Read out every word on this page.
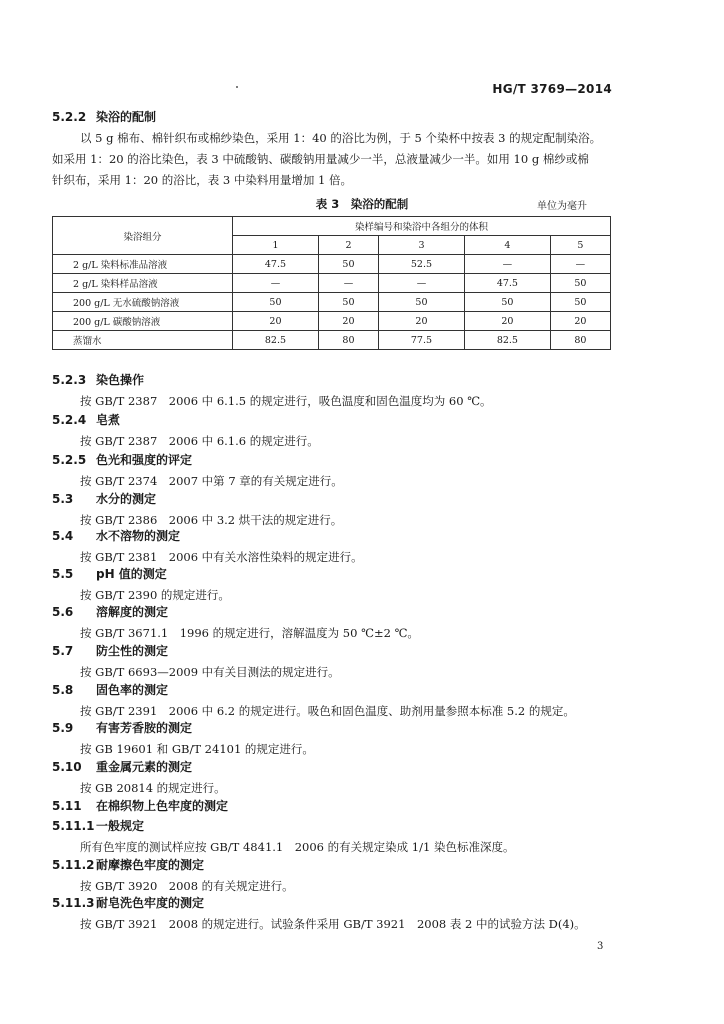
HG/T 3769—2014
5.2.2 染浴的配制
以 5 g 棉布、棉针织布或棉纱染色，采用 1：40 的浴比为例，于 5 个染杯中按表 3 的规定配制染浴。
如采用 1：20 的浴比染色，表 3 中硫酸钠、碳酸钠用量减少一半，总液量减少一半。如用 10 g 棉纱或棉
针织布，采用 1：20 的浴比，表 3 中染料用量增加 1 倍。
表 3　染浴的配制	单位为毫升
染浴组分	染样编号和染浴中各组分的体积				
	1	2	3	4	5
2 g/L 染料标准品溶液	47.5	50	52.5	—	—
2 g/L 染料样品溶液	—	—	—	47.5	50
200 g/L 无水硫酸钠溶液	50	50	50	50	50
200 g/L 碳酸钠溶液	20	20	20	20	20
蒸馏水	82.5	80	77.5	82.5	80
5.2.3 染色操作
按 GB/T 2387　2006 中 6.1.5 的规定进行，吸色温度和固色温度均为 60 ℃。
5.2.4 皂煮
按 GB/T 2387　2006 中 6.1.6 的规定进行。
5.2.5 色光和强度的评定
按 GB/T 2374　2007 中第 7 章的有关规定进行。
5.3 水分的测定
按 GB/T 2386　2006 中 3.2 烘干法的规定进行。
5.4 水不溶物的测定
按 GB/T 2381　2006 中有关水溶性染料的规定进行。
5.5 pH 值的测定
按 GB/T 2390 的规定进行。
5.6 溶解度的测定
按 GB/T 3671.1　1996 的规定进行，溶解温度为 50 ℃±2 ℃。
5.7 防尘性的测定
按 GB/T 6693—2009 中有关目测法的规定进行。
5.8 固色率的测定
按 GB/T 2391　2006 中 6.2 的规定进行。吸色和固色温度、助剂用量参照本标准 5.2 的规定。
5.9 有害芳香胺的测定
按 GB 19601 和 GB/T 24101 的规定进行。
5.10 重金属元素的测定
按 GB 20814 的规定进行。
5.11 在棉织物上色牢度的测定
5.11.1一般规定
所有色牢度的测试样应按 GB/T 4841.1　2006 的有关规定染成 1/1 染色标准深度。
5.11.2耐摩擦色牢度的测定
按 GB/T 3920　2008 的有关规定进行。
5.11.3耐皂洗色牢度的测定
按 GB/T 3921　2008 的规定进行。试验条件采用 GB/T 3921　2008 表 2 中的试验方法 D(4)。
3
